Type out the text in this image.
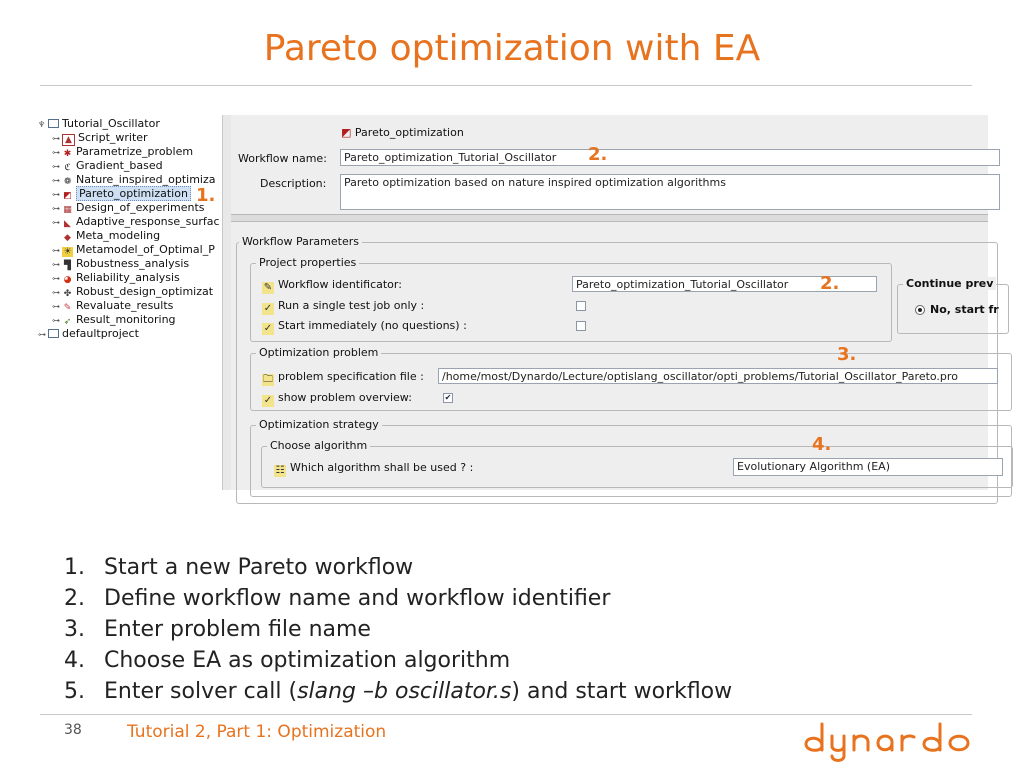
Pareto optimization with EA
♆ Tutorial_Oscillator
⊶ ▲ Script_writer
⊶ ✱ Parametrize_problem
⊶ ℭ Gradient_based
⊶ ❁ Nature_inspired_optimiza
⊶ ◩ Pareto_optimization
⊶ ▦ Design_of_experiments
⊶ ◣ Adaptive_response_surfac
◆ Meta_modeling
⊶ ☀ Metamodel_of_Optimal_P
⊶ ▜ Robustness_analysis
⊶ ◕ Reliability_analysis
⊶ ✤ Robust_design_optimizat
⊶ ✎ Revaluate_results
⊶ ➶ Result_monitoring
⊶ defaultproject
◩ Pareto_optimization
Workflow name:	Pareto_optimization_Tutorial_Oscillator
Description:	Pareto optimization based on nature inspired optimization algorithms
Workflow Parameters
Project properties
✎ Workflow identificator:	Pareto_optimization_Tutorial_Oscillator
✓ Run a single test job only :
✓ Start immediately (no questions) :
Continue prev
No, start fr
Optimization problem
🗀 problem specification file :	/home/most/Dynardo/Lecture/optislang_oscillator/opti_problems/Tutorial_Oscillator_Pareto.pro
✓ show problem overview:	✔
Optimization strategy
Choose algorithm
☷ Which algorithm shall be used ? :	Evolutionary Algorithm (EA)
1.
2.
2.
3.
4.
1. Start a new Pareto workflow
2. Define workflow name and workflow identifier
3. Enter problem file name
4. Choose EA as optimization algorithm
5. Enter solver call (slang –b oscillator.s) and start workflow
38	Tutorial 2, Part 1: Optimization
